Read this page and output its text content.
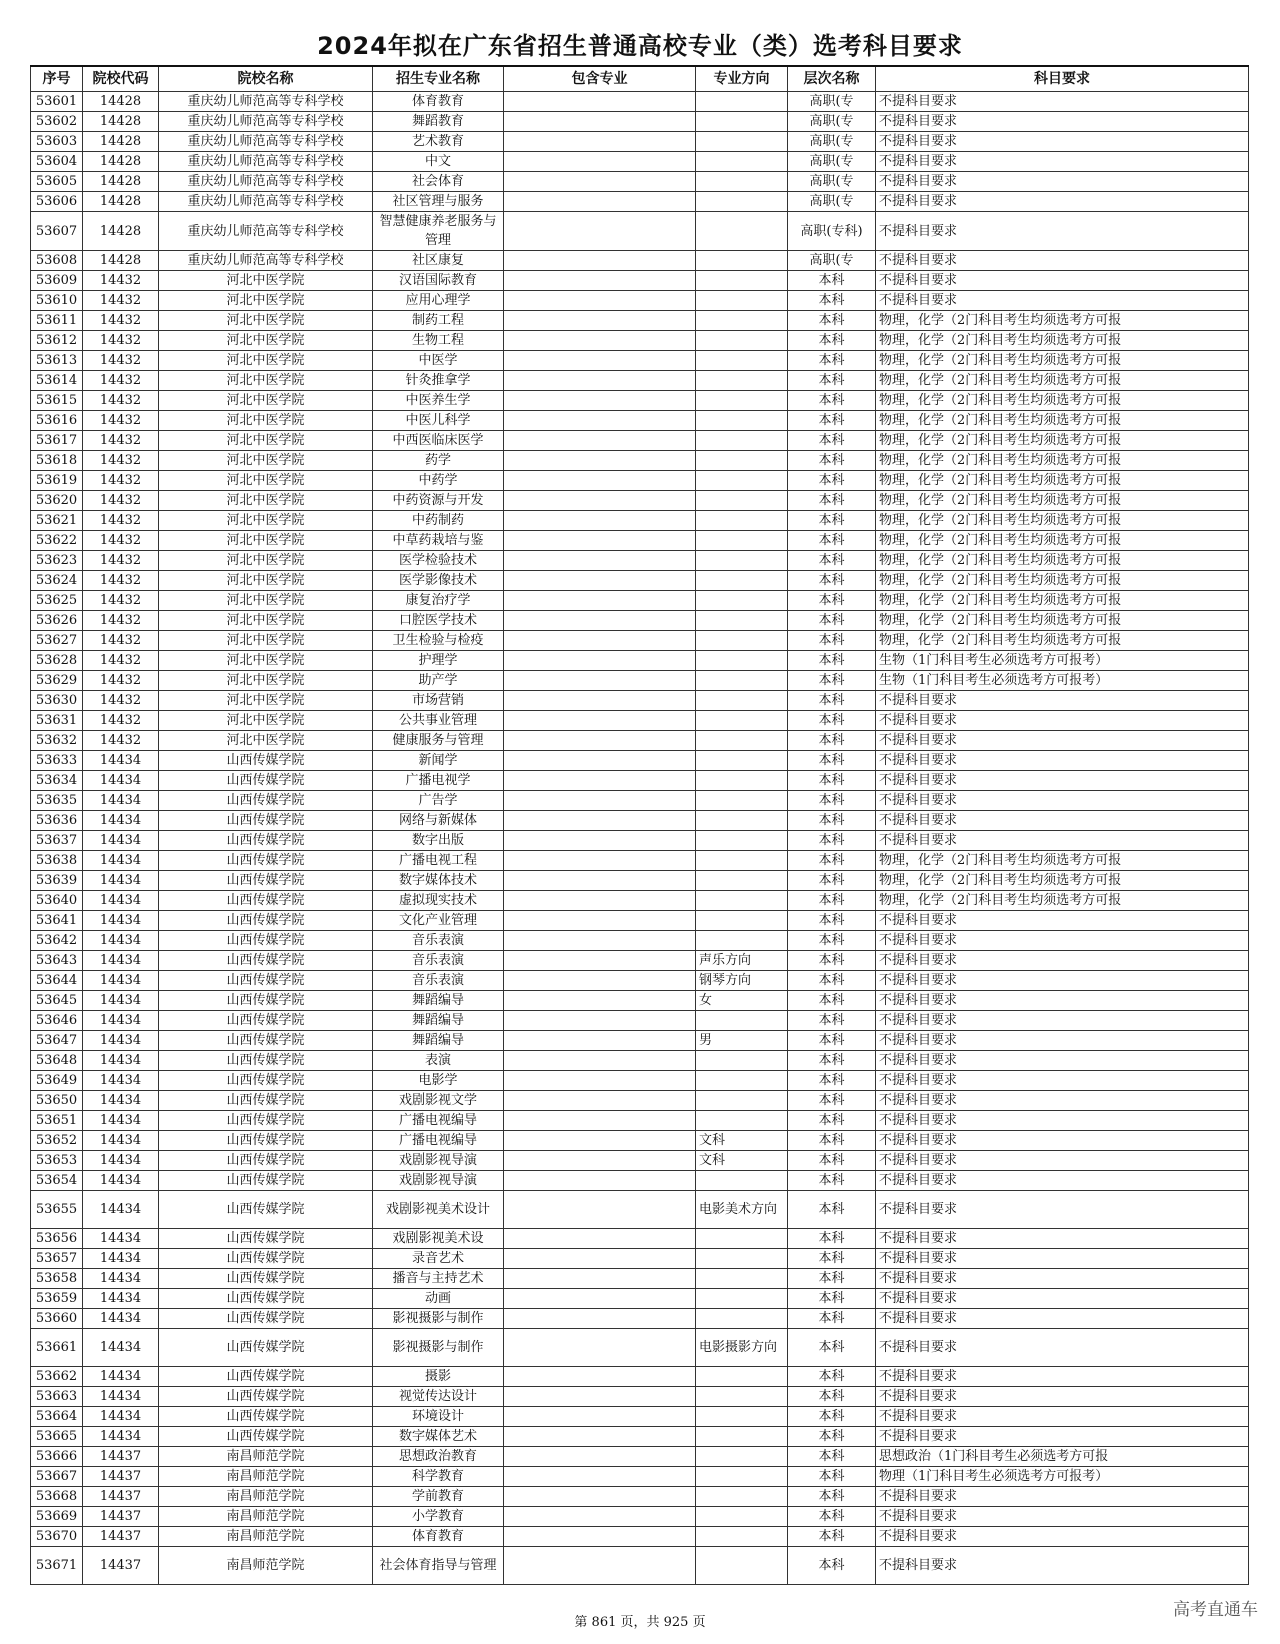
2024年拟在广东省招生普通高校专业（类）选考科目要求
序号	院校代码	院校名称	招生专业名称	包含专业	专业方向	层次名称	科目要求
53601	14428	重庆幼儿师范高等专科学校	体育教育			高职(专	不提科目要求
53602	14428	重庆幼儿师范高等专科学校	舞蹈教育			高职(专	不提科目要求
53603	14428	重庆幼儿师范高等专科学校	艺术教育			高职(专	不提科目要求
53604	14428	重庆幼儿师范高等专科学校	中文			高职(专	不提科目要求
53605	14428	重庆幼儿师范高等专科学校	社会体育			高职(专	不提科目要求
53606	14428	重庆幼儿师范高等专科学校	社区管理与服务			高职(专	不提科目要求
53607	14428	重庆幼儿师范高等专科学校	智慧健康养老服务与管理			高职(专科)	不提科目要求
53608	14428	重庆幼儿师范高等专科学校	社区康复			高职(专	不提科目要求
53609	14432	河北中医学院	汉语国际教育			本科	不提科目要求
53610	14432	河北中医学院	应用心理学			本科	不提科目要求
53611	14432	河北中医学院	制药工程			本科	物理，化学（2门科目考生均须选考方可报
53612	14432	河北中医学院	生物工程			本科	物理，化学（2门科目考生均须选考方可报
53613	14432	河北中医学院	中医学			本科	物理，化学（2门科目考生均须选考方可报
53614	14432	河北中医学院	针灸推拿学			本科	物理，化学（2门科目考生均须选考方可报
53615	14432	河北中医学院	中医养生学			本科	物理，化学（2门科目考生均须选考方可报
53616	14432	河北中医学院	中医儿科学			本科	物理，化学（2门科目考生均须选考方可报
53617	14432	河北中医学院	中西医临床医学			本科	物理，化学（2门科目考生均须选考方可报
53618	14432	河北中医学院	药学			本科	物理，化学（2门科目考生均须选考方可报
53619	14432	河北中医学院	中药学			本科	物理，化学（2门科目考生均须选考方可报
53620	14432	河北中医学院	中药资源与开发			本科	物理，化学（2门科目考生均须选考方可报
53621	14432	河北中医学院	中药制药			本科	物理，化学（2门科目考生均须选考方可报
53622	14432	河北中医学院	中草药栽培与鉴			本科	物理，化学（2门科目考生均须选考方可报
53623	14432	河北中医学院	医学检验技术			本科	物理，化学（2门科目考生均须选考方可报
53624	14432	河北中医学院	医学影像技术			本科	物理，化学（2门科目考生均须选考方可报
53625	14432	河北中医学院	康复治疗学			本科	物理，化学（2门科目考生均须选考方可报
53626	14432	河北中医学院	口腔医学技术			本科	物理，化学（2门科目考生均须选考方可报
53627	14432	河北中医学院	卫生检验与检疫			本科	物理，化学（2门科目考生均须选考方可报
53628	14432	河北中医学院	护理学			本科	生物（1门科目考生必须选考方可报考）
53629	14432	河北中医学院	助产学			本科	生物（1门科目考生必须选考方可报考）
53630	14432	河北中医学院	市场营销			本科	不提科目要求
53631	14432	河北中医学院	公共事业管理			本科	不提科目要求
53632	14432	河北中医学院	健康服务与管理			本科	不提科目要求
53633	14434	山西传媒学院	新闻学			本科	不提科目要求
53634	14434	山西传媒学院	广播电视学			本科	不提科目要求
53635	14434	山西传媒学院	广告学			本科	不提科目要求
53636	14434	山西传媒学院	网络与新媒体			本科	不提科目要求
53637	14434	山西传媒学院	数字出版			本科	不提科目要求
53638	14434	山西传媒学院	广播电视工程			本科	物理，化学（2门科目考生均须选考方可报
53639	14434	山西传媒学院	数字媒体技术			本科	物理，化学（2门科目考生均须选考方可报
53640	14434	山西传媒学院	虚拟现实技术			本科	物理，化学（2门科目考生均须选考方可报
53641	14434	山西传媒学院	文化产业管理			本科	不提科目要求
53642	14434	山西传媒学院	音乐表演			本科	不提科目要求
53643	14434	山西传媒学院	音乐表演		声乐方向	本科	不提科目要求
53644	14434	山西传媒学院	音乐表演		钢琴方向	本科	不提科目要求
53645	14434	山西传媒学院	舞蹈编导		女	本科	不提科目要求
53646	14434	山西传媒学院	舞蹈编导			本科	不提科目要求
53647	14434	山西传媒学院	舞蹈编导		男	本科	不提科目要求
53648	14434	山西传媒学院	表演			本科	不提科目要求
53649	14434	山西传媒学院	电影学			本科	不提科目要求
53650	14434	山西传媒学院	戏剧影视文学			本科	不提科目要求
53651	14434	山西传媒学院	广播电视编导			本科	不提科目要求
53652	14434	山西传媒学院	广播电视编导		文科	本科	不提科目要求
53653	14434	山西传媒学院	戏剧影视导演		文科	本科	不提科目要求
53654	14434	山西传媒学院	戏剧影视导演			本科	不提科目要求
53655	14434	山西传媒学院	戏剧影视美术设计		电影美术方向	本科	不提科目要求
53656	14434	山西传媒学院	戏剧影视美术设			本科	不提科目要求
53657	14434	山西传媒学院	录音艺术			本科	不提科目要求
53658	14434	山西传媒学院	播音与主持艺术			本科	不提科目要求
53659	14434	山西传媒学院	动画			本科	不提科目要求
53660	14434	山西传媒学院	影视摄影与制作			本科	不提科目要求
53661	14434	山西传媒学院	影视摄影与制作		电影摄影方向	本科	不提科目要求
53662	14434	山西传媒学院	摄影			本科	不提科目要求
53663	14434	山西传媒学院	视觉传达设计			本科	不提科目要求
53664	14434	山西传媒学院	环境设计			本科	不提科目要求
53665	14434	山西传媒学院	数字媒体艺术			本科	不提科目要求
53666	14437	南昌师范学院	思想政治教育			本科	思想政治（1门科目考生必须选考方可报
53667	14437	南昌师范学院	科学教育			本科	物理（1门科目考生必须选考方可报考）
53668	14437	南昌师范学院	学前教育			本科	不提科目要求
53669	14437	南昌师范学院	小学教育			本科	不提科目要求
53670	14437	南昌师范学院	体育教育			本科	不提科目要求
53671	14437	南昌师范学院	社会体育指导与管理			本科	不提科目要求
第 861 页，共 925 页
高考直通车
